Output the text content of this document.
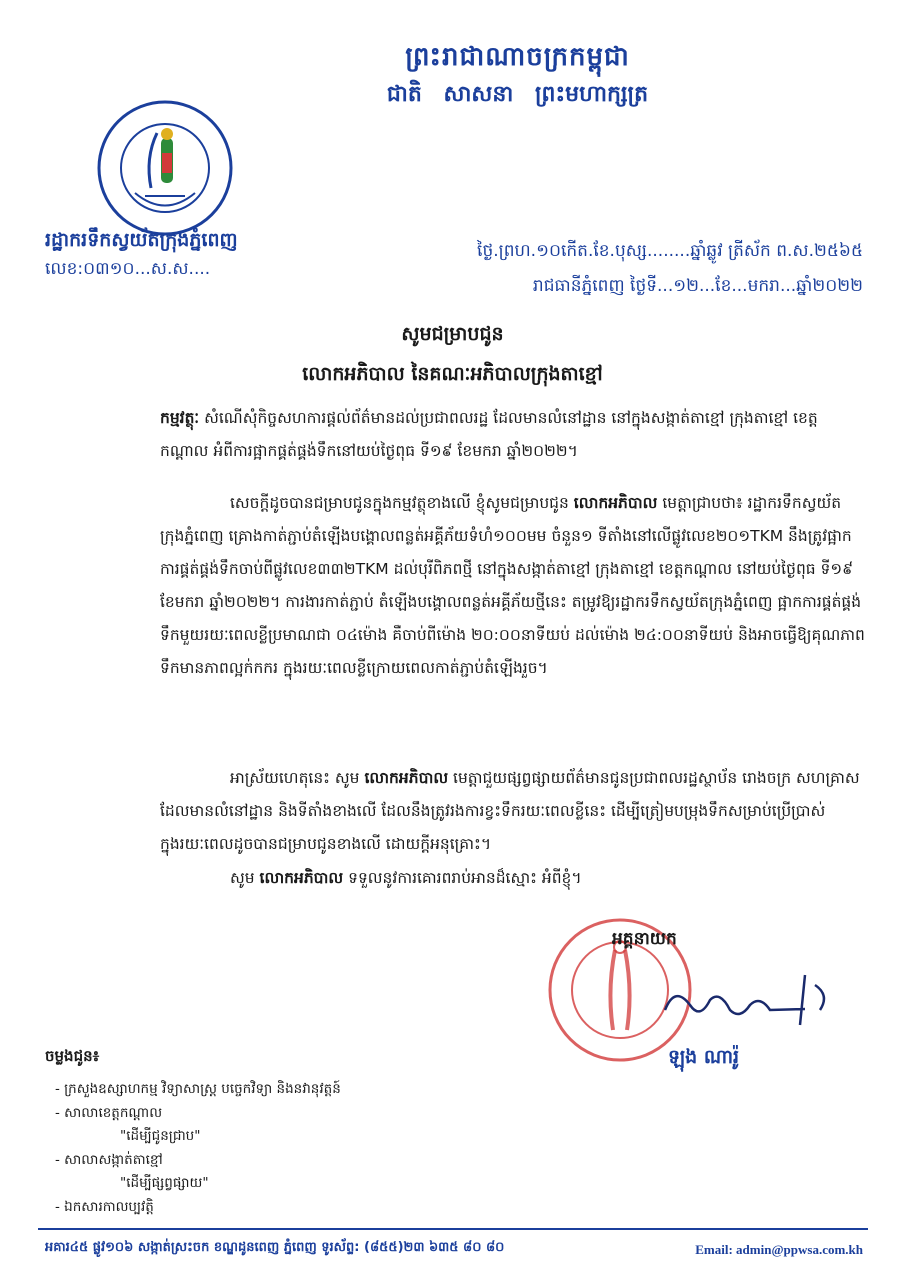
ព្រះរាជាណាចក្រកម្ពុជា
ជាតិ សាសនា ព្រះមហាក្សត្រ
រដ្ឋាករទឹកស្វយ័តក្រុងភ្នំពេញ
លេខ:០៣១០...ស.ស....
ថ្ងៃ.ព្រហ.១០កើត.ខែ.បុស្ស........ឆ្នាំឆ្លូវ ត្រីស័ក ព.ស.២៥៦៥
រាជធានីភ្នំពេញ ថ្ងៃទី...១២...ខែ...មករា...ឆ្នាំ២០២២
សូមជម្រាបជូន
លោកអភិបាល នៃគណៈអភិបាលក្រុងតាខ្មៅ

កម្មវត្ថុៈ សំណើសុំកិច្ចសហការផ្តល់ព័ត៌មានដល់ប្រជាពលរដ្ឋ ដែលមានលំនៅដ្ឋាន នៅក្នុងសង្កាត់តាខ្មៅ ក្រុងតាខ្មៅ ខេត្តកណ្តាល អំពីការផ្អាកផ្គត់ផ្គង់ទឹកនៅយប់ថ្ងៃពុធ ទី១៩ ខែមករា ឆ្នាំ២០២២។

សេចក្តីដូចបានជម្រាបជូនក្នុងកម្មវត្ថុខាងលើ ខ្ញុំសូមជម្រាបជូន លោកអភិបាល មេត្តាជ្រាបថា៖ រដ្ឋាករទឹកស្វយ័តក្រុងភ្នំពេញ គ្រោងកាត់ភ្ជាប់តំឡើងបង្គោលពន្លត់អគ្គីភ័យទំហំ១០០មម ចំនួន១ ទីតាំងនៅលើផ្លូវលេខ២០១TKM នឹងត្រូវផ្អាកការផ្គត់ផ្គង់ទឹកចាប់ពីផ្លូវលេខ៣៣២TKM ដល់បុរីពិភពថ្មី នៅក្នុងសង្កាត់តាខ្មៅ ក្រុងតាខ្មៅ ខេត្តកណ្តាល នៅយប់ថ្ងៃពុធ ទី១៩ ខែមករា ឆ្នាំ២០២២។ ការងារកាត់ភ្ជាប់ តំឡើងបង្គោលពន្លត់អគ្គីភ័យថ្មីនេះ តម្រូវឱ្យរដ្ឋាករទឹកស្វយ័តក្រុងភ្នំពេញ ផ្អាកការផ្គត់ផ្គង់ទឹកមួយរយៈពេលខ្លីប្រមាណជា ០៤ម៉ោង គឺចាប់ពីម៉ោង ២០:០០នាទីយប់ ដល់ម៉ោង ២៤:០០នាទីយប់ និងអាចធ្វើឱ្យគុណភាពទឹកមានភាពល្អក់កករ ក្នុងរយៈពេលខ្លីក្រោយពេលកាត់ភ្ជាប់តំឡើងរួច។

អាស្រ័យហេតុនេះ សូម លោកអភិបាល មេត្តាជួយផ្សព្វផ្សាយព័ត៌មានជូនប្រជាពលរដ្ឋស្ថាប័ន រោងចក្រ សហគ្រាស ដែលមានលំនៅដ្ឋាន និងទីតាំងខាងលើ ដែលនឹងត្រូវរងការខ្វះទឹករយៈពេលខ្លីនេះ ដើម្បីត្រៀមបម្រុងទឹកសម្រាប់ប្រើប្រាស់ក្នុងរយៈពេលដូចបានជម្រាបជូនខាងលើ ដោយក្តីអនុគ្រោះ។

សូម លោកអភិបាល ទទួលនូវការគោរពរាប់អានដ៏ស្មោះ អំពីខ្ញុំ។

អគ្គនាយក
ឡុង ណារ៉ូ
ចម្លងជូន៖
- ក្រសួងឧស្សាហកម្ម វិទ្យាសាស្ត្រ បច្ចេកវិទ្យា និងនវានុវត្តន៍
- សាលាខេត្តកណ្តាល
"ដើម្បីជូនជ្រាប"
- សាលាសង្កាត់តាខ្មៅ
"ដើម្បីផ្សព្វផ្សាយ"
- ឯកសារកាលប្បវត្តិ
អគារ៤៥ ផ្លូវ១០៦ សង្កាត់ស្រះចក ខណ្ឌដូនពេញ ភ្នំពេញ ទូរស័ព្ទ: (៨៥៥)២៣ ៦៣៥ ៨០ ៨០	Email: admin@ppwsa.com.kh
